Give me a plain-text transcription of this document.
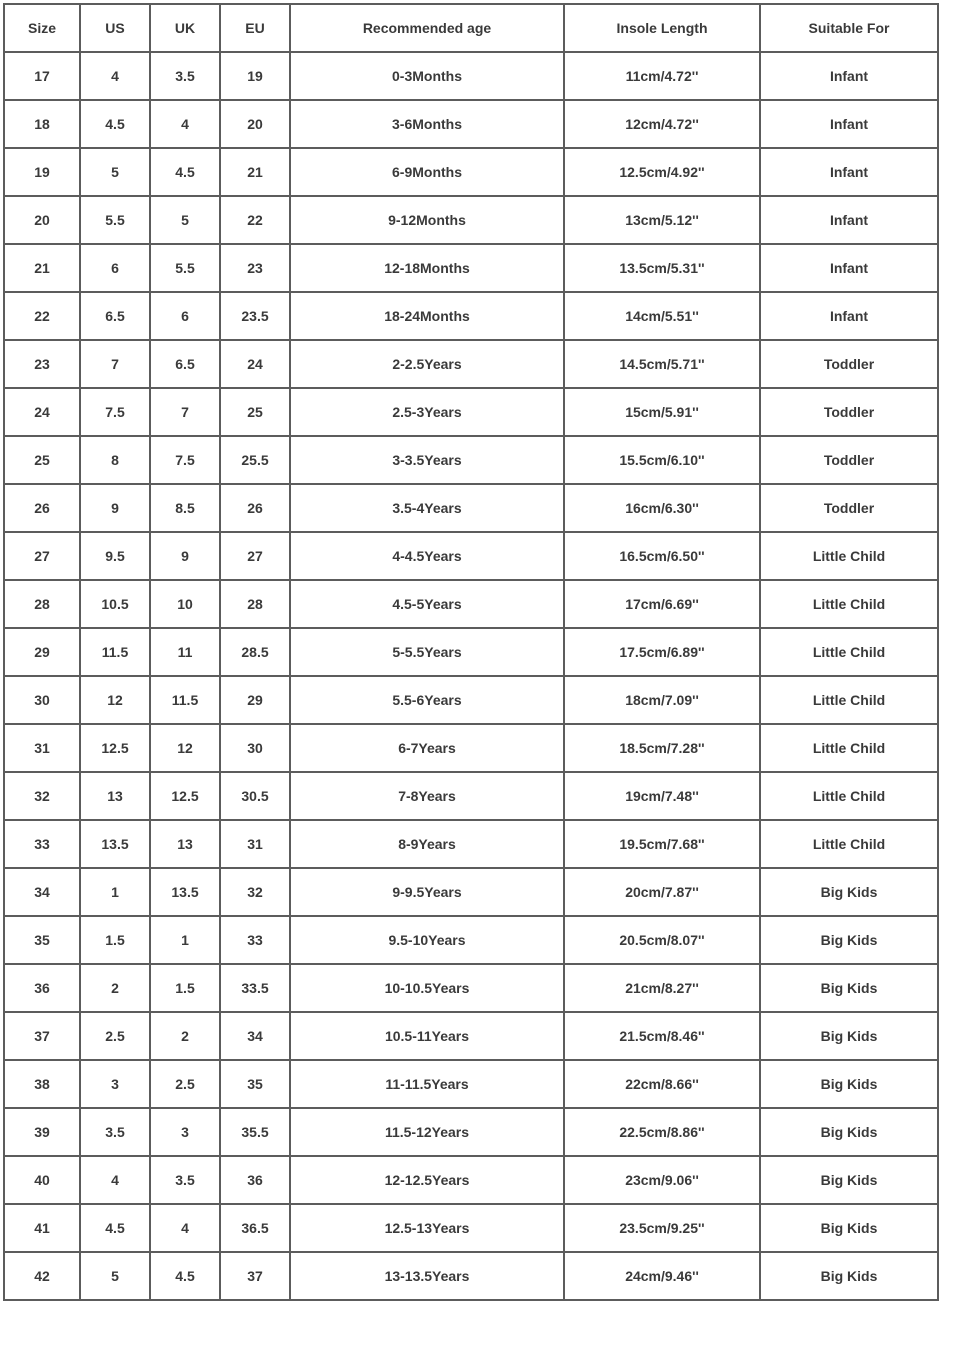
Size	US	UK	EU	Recommended age	Insole Length	Suitable For
17	4	3.5	19	0-3Months	11cm/4.72''	Infant
18	4.5	4	20	3-6Months	12cm/4.72''	Infant
19	5	4.5	21	6-9Months	12.5cm/4.92''	Infant
20	5.5	5	22	9-12Months	13cm/5.12''	Infant
21	6	5.5	23	12-18Months	13.5cm/5.31''	Infant
22	6.5	6	23.5	18-24Months	14cm/5.51''	Infant
23	7	6.5	24	2-2.5Years	14.5cm/5.71''	Toddler
24	7.5	7	25	2.5-3Years	15cm/5.91''	Toddler
25	8	7.5	25.5	3-3.5Years	15.5cm/6.10''	Toddler
26	9	8.5	26	3.5-4Years	16cm/6.30''	Toddler
27	9.5	9	27	4-4.5Years	16.5cm/6.50''	Little Child
28	10.5	10	28	4.5-5Years	17cm/6.69''	Little Child
29	11.5	11	28.5	5-5.5Years	17.5cm/6.89''	Little Child
30	12	11.5	29	5.5-6Years	18cm/7.09''	Little Child
31	12.5	12	30	6-7Years	18.5cm/7.28''	Little Child
32	13	12.5	30.5	7-8Years	19cm/7.48''	Little Child
33	13.5	13	31	8-9Years	19.5cm/7.68''	Little Child
34	1	13.5	32	9-9.5Years	20cm/7.87''	Big Kids
35	1.5	1	33	9.5-10Years	20.5cm/8.07''	Big Kids
36	2	1.5	33.5	10-10.5Years	21cm/8.27''	Big Kids
37	2.5	2	34	10.5-11Years	21.5cm/8.46''	Big Kids
38	3	2.5	35	11-11.5Years	22cm/8.66''	Big Kids
39	3.5	3	35.5	11.5-12Years	22.5cm/8.86''	Big Kids
40	4	3.5	36	12-12.5Years	23cm/9.06''	Big Kids
41	4.5	4	36.5	12.5-13Years	23.5cm/9.25''	Big Kids
42	5	4.5	37	13-13.5Years	24cm/9.46''	Big Kids
